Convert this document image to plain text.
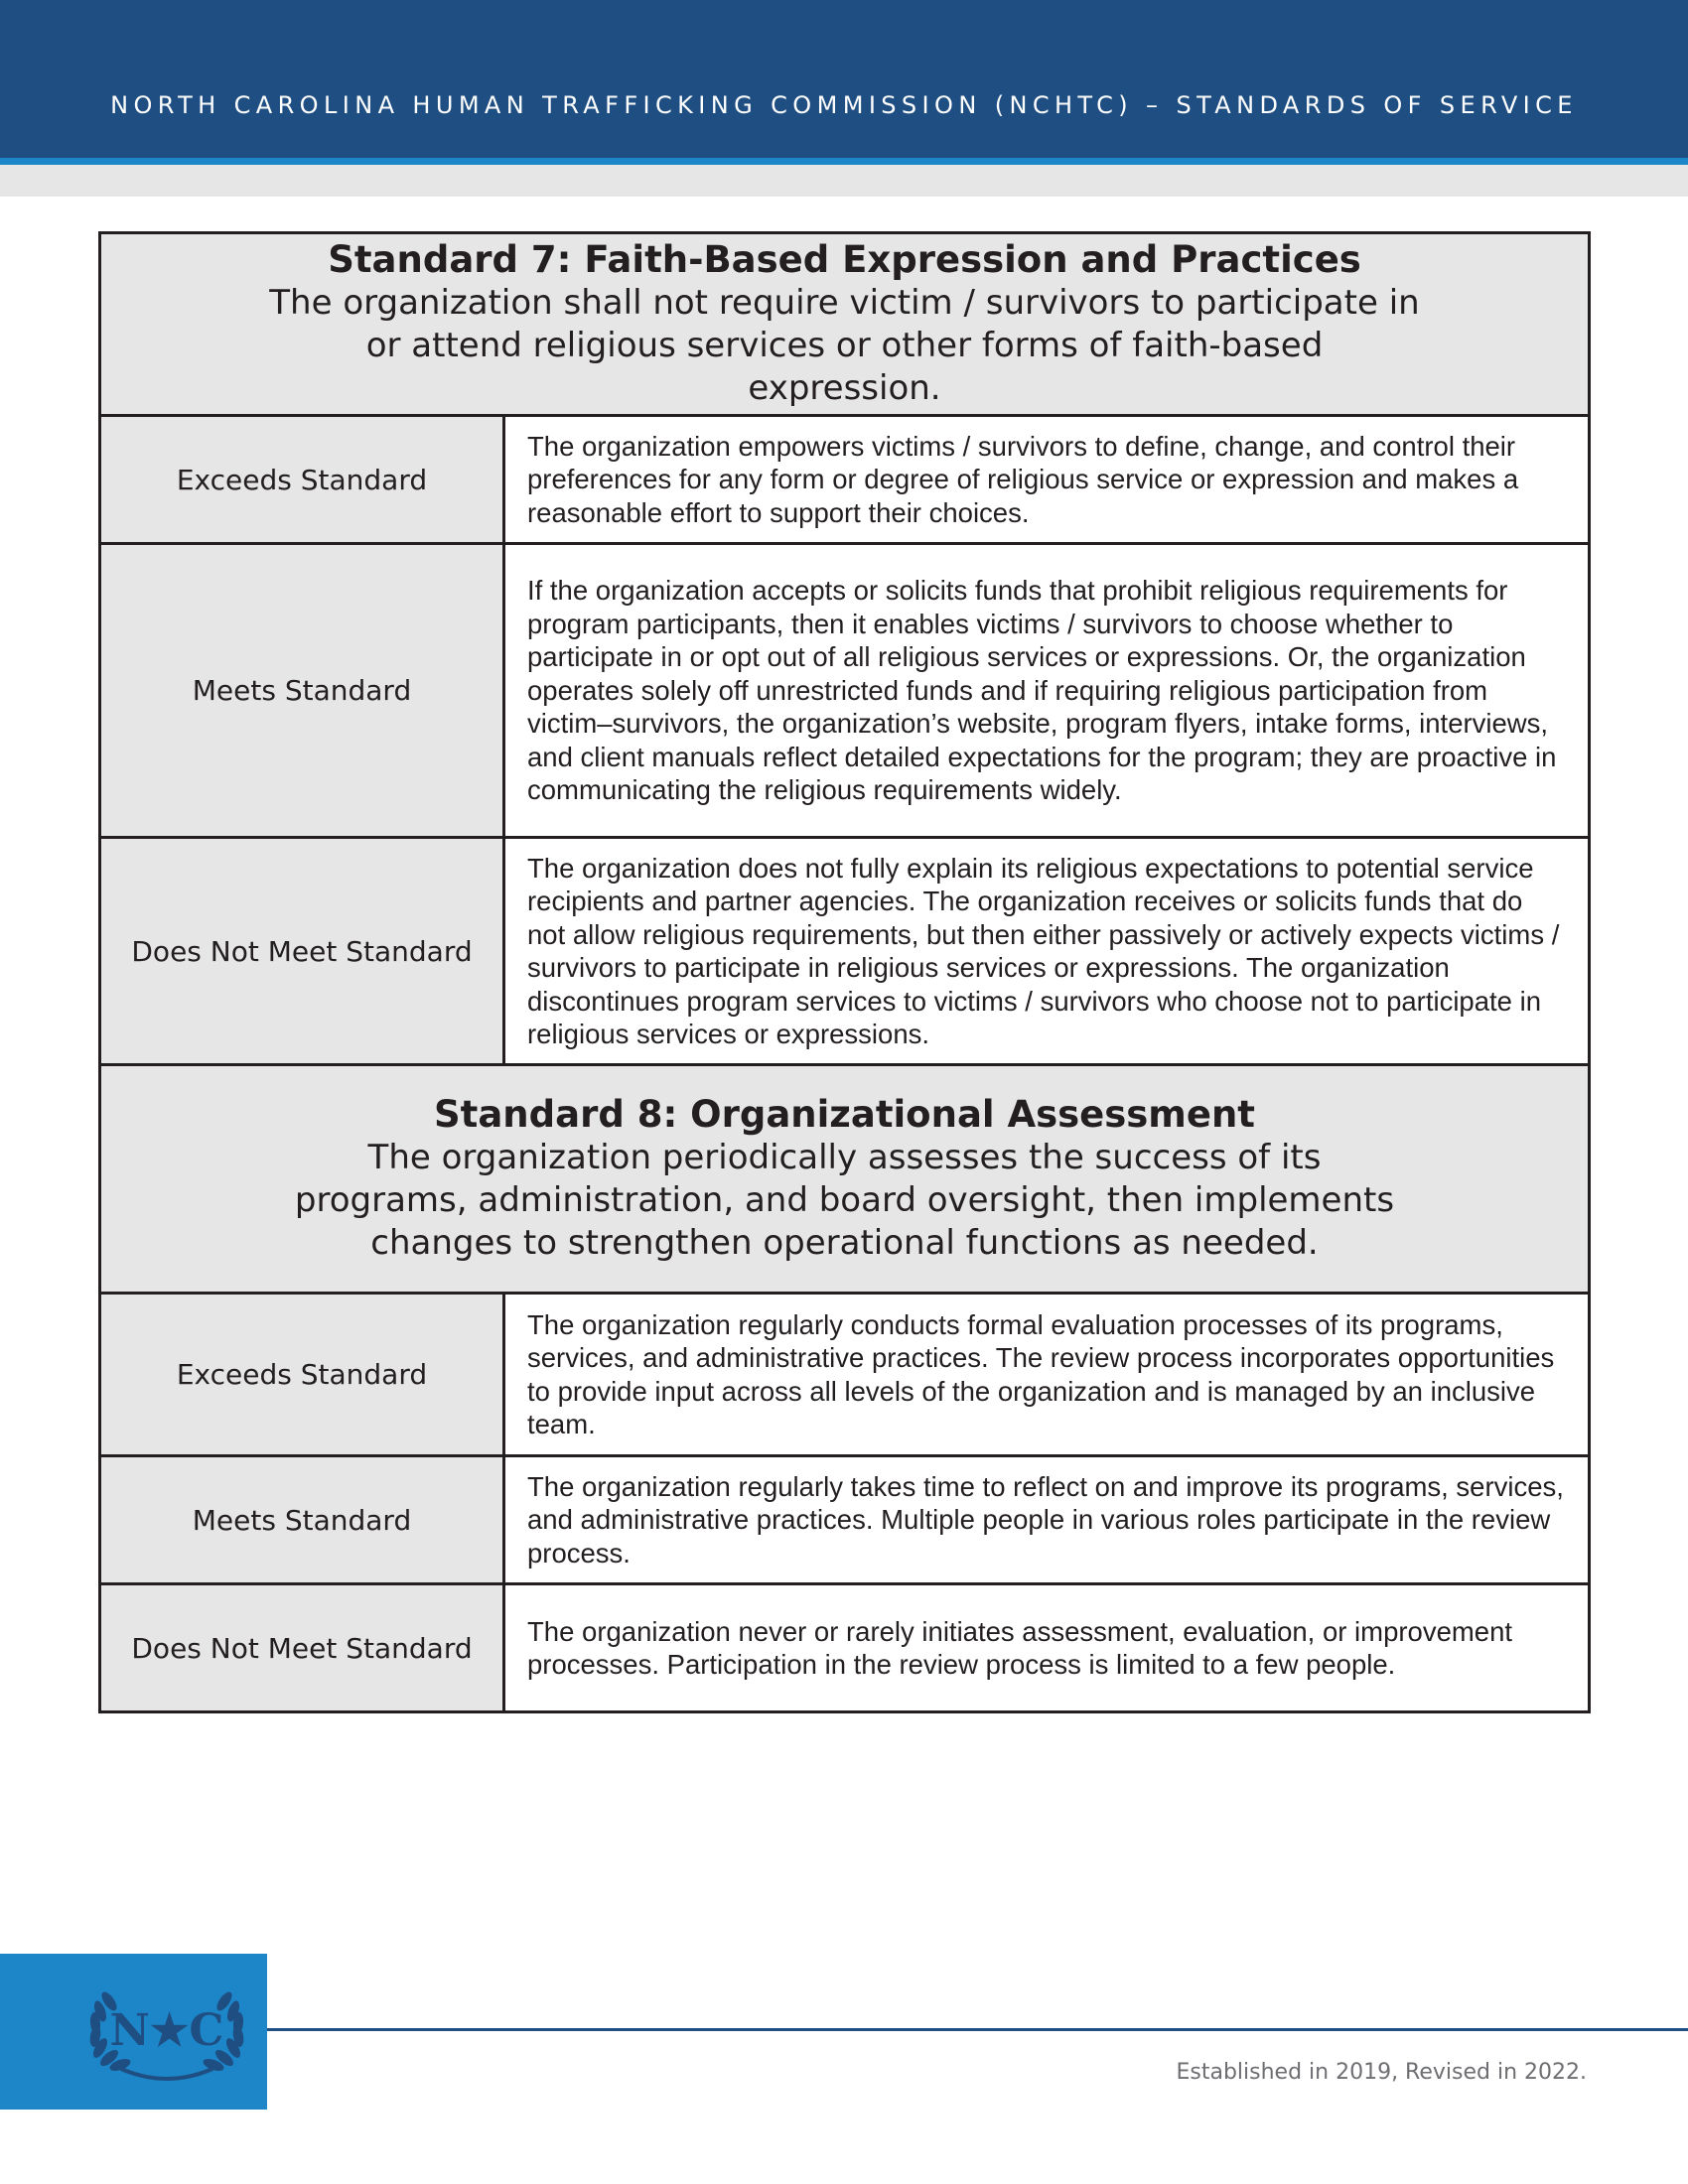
NORTH CAROLINA HUMAN TRAFFICKING COMMISSION (NCHTC) – STANDARDS OF SERVICE

Standard 7: Faith-Based Expression and Practices

The organization shall not require victim / survivors to participate in or attend religious services or other forms of faith-based expression.	

Exceeds Standard	The organization empowers victims / survivors to define, change, and control their preferences for any form or degree of religious service or expression and makes a reasonable effort to support their choices.

Meets Standard	If the organization accepts or solicits funds that prohibit religious requirements for program participants, then it enables victims / survivors to choose whether to participate in or opt out of all religious services or expressions. Or, the organization operates solely off unrestricted funds and if requiring religious participation from victim–survivors, the organization’s website, program flyers, intake forms, interviews, and client manuals reflect detailed expectations for the program; they are proactive in communicating the religious requirements widely.

Does Not Meet Standard	The organization does not fully explain its religious expectations to potential service recipients and partner agencies. The organization receives or solicits funds that do not allow religious requirements, but then either passively or actively expects victims / survivors to participate in religious services or expressions. The organization discontinues program services to victims / survivors who choose not to participate in religious services or expressions.

Standard 8: Organizational Assessment

The organization periodically assesses the success of its programs, administration, and board oversight, then implements changes to strengthen operational functions as needed.	

Exceeds Standard	The organization regularly conducts formal evaluation processes of its programs, services, and administrative practices. The review process incorporates opportunities to provide input across all levels of the organization and is managed by an inclusive team.

Meets Standard	The organization regularly takes time to reflect on and improve its programs, services, and administrative practices. Multiple people in various roles participate in the review process.

Does Not Meet Standard	The organization never or rarely initiates assessment, evaluation, or improvement processes. Participation in the review process is limited to a few people.

N★C
Established in 2019, Revised in 2022.
